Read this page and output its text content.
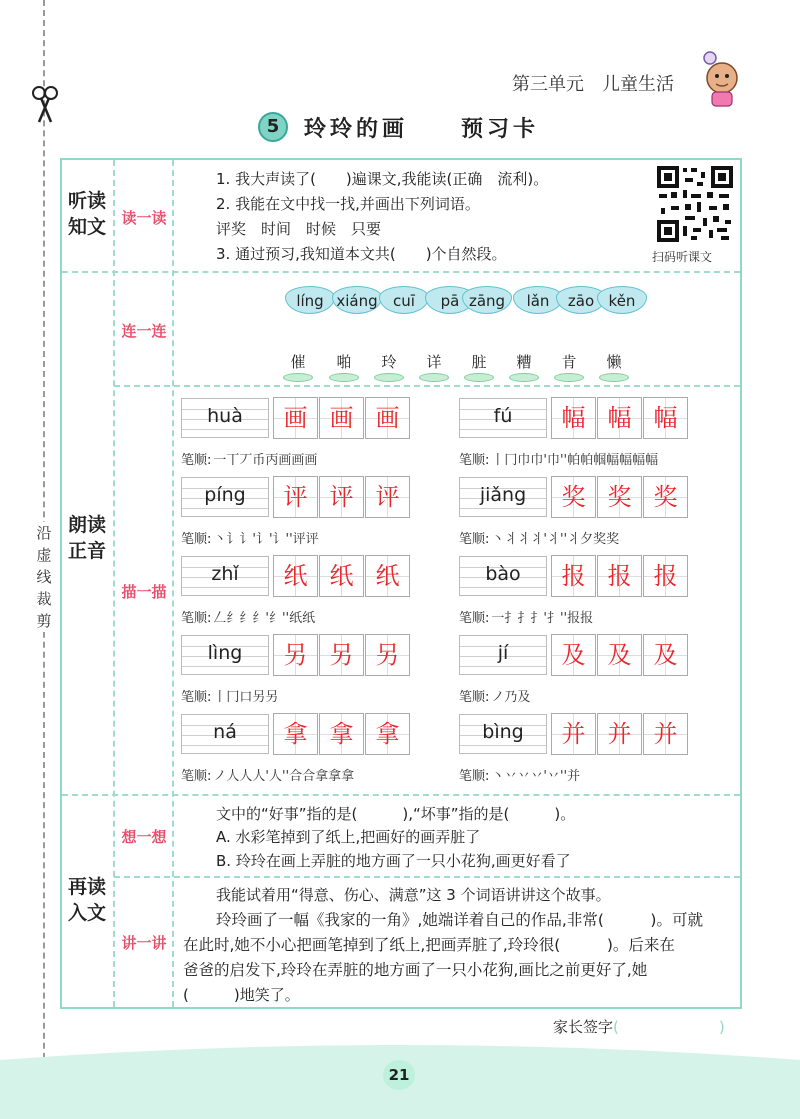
沿
虚
线
裁
剪
第三单元　儿童生活
5	玲玲的画 预习卡
听读
知文
朗读
正音
再读
入文
读一读
连一连
描一描
想一想
讲一讲
1. 我大声读了(　　)遍课文,我能读(正确　流利)。
2. 我能在文中找一找,并画出下列词语。
评奖　时间　时候　只要
3. 通过预习,我知道本文共(　　)个自然段。	扫码听课文
líng xiáng	cuī	pā zāng	lǎn	zāo kěn
催	啪	玲	详	脏	糟	肯	懒
huà	画 画 画
笔顺: 一丅丆币丙画画画
fú	幅 幅 幅
笔顺: 丨冂巾巾'巾''帕帕帼幅幅幅幅
píng	评 评 评
笔顺: 丶讠讠'讠'讠''评评
jiǎng	奖 奖 奖
笔顺: 丶丬丬丬'丬''丬夕奖奖
zhǐ	纸 纸 纸
笔顺: 𠃋纟纟纟'纟''纸纸
bào	报 报 报
笔顺: 一扌扌扌'扌''报报
lìng	另 另 另
笔顺: 丨冂口另另
jí	及 及 及
笔顺: ノ乃及
ná	拿 拿 拿
笔顺: ノ人人人'人''合合拿拿拿
bìng	并 并 并
笔顺: 丶丷丷丷'丷''并
文中的“好事”指的是(　　　),“坏事”指的是(　　　)。
A. 水彩笔掉到了纸上,把画好的画弄脏了
B. 玲玲在画上弄脏的地方画了一只小花狗,画更好看了
我能试着用“得意、伤心、满意”这 3 个词语讲讲这个故事。
玲玲画了一幅《我家的一角》,她端详着自己的作品,非常(　　　)。可就
在此时,她不小心把画笔掉到了纸上,把画弄脏了,玲玲很(　　　)。后来在
爸爸的启发下,玲玲在弄脏的地方画了一只小花狗,画比之前更好了,她
(　　　)地笑了。
家长签字(	)
21
